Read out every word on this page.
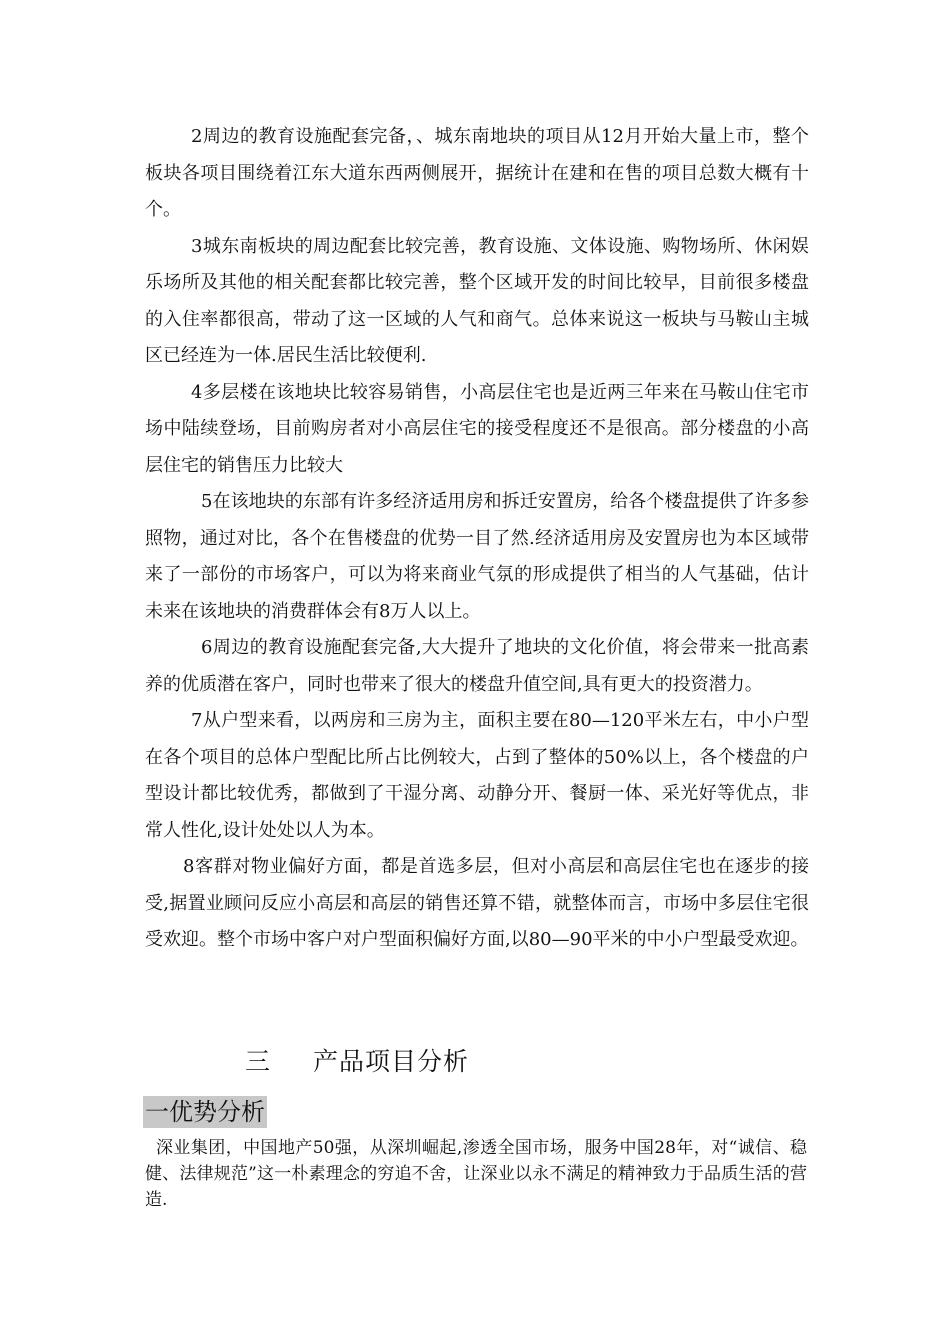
2周边的教育设施配套完备，、城东南地块的项目从12月开始大量上市，整个板块各项目围绕着江东大道东西两侧展开，据统计在建和在售的项目总数大概有十个。

3城东南板块的周边配套比较完善，教育设施、文体设施、购物场所、休闲娱乐场所及其他的相关配套都比较完善，整个区域开发的时间比较早，目前很多楼盘的入住率都很高，带动了这一区域的人气和商气。总体来说这一板块与马鞍山主城区已经连为一体.居民生活比较便利.

4多层楼在该地块比较容易销售，小高层住宅也是近两三年来在马鞍山住宅市场中陆续登场，目前购房者对小高层住宅的接受程度还不是很高。部分楼盘的小高层住宅的销售压力比较大

5在该地块的东部有许多经济适用房和拆迁安置房，给各个楼盘提供了许多参照物，通过对比，各个在售楼盘的优势一目了然.经济适用房及安置房也为本区域带来了一部份的市场客户，可以为将来商业气氛的形成提供了相当的人气基础，估计未来在该地块的消费群体会有8万人以上。

6周边的教育设施配套完备,大大提升了地块的文化价值，将会带来一批高素养的优质潜在客户，同时也带来了很大的楼盘升值空间,具有更大的投资潜力。

7从户型来看，以两房和三房为主，面积主要在80—120平米左右，中小户型在各个项目的总体户型配比所占比例较大，占到了整体的50%以上，各个楼盘的户型设计都比较优秀，都做到了干湿分离、动静分开、餐厨一体、采光好等优点，非常人性化,设计处处以人为本。

8客群对物业偏好方面，都是首选多层，但对小高层和高层住宅也在逐步的接受,据置业顾问反应小高层和高层的销售还算不错，就整体而言，市场中多层住宅很受欢迎。整个市场中客户对户型面积偏好方面,以80—90平米的中小户型最受欢迎。

三 产品项目分析
一优势分析

深业集团，中国地产50强，从深圳崛起,渗透全国市场，服务中国28年，对“诚信、稳健、法律规范”这一朴素理念的穷追不舍，让深业以永不满足的精神致力于品质生活的营造.
